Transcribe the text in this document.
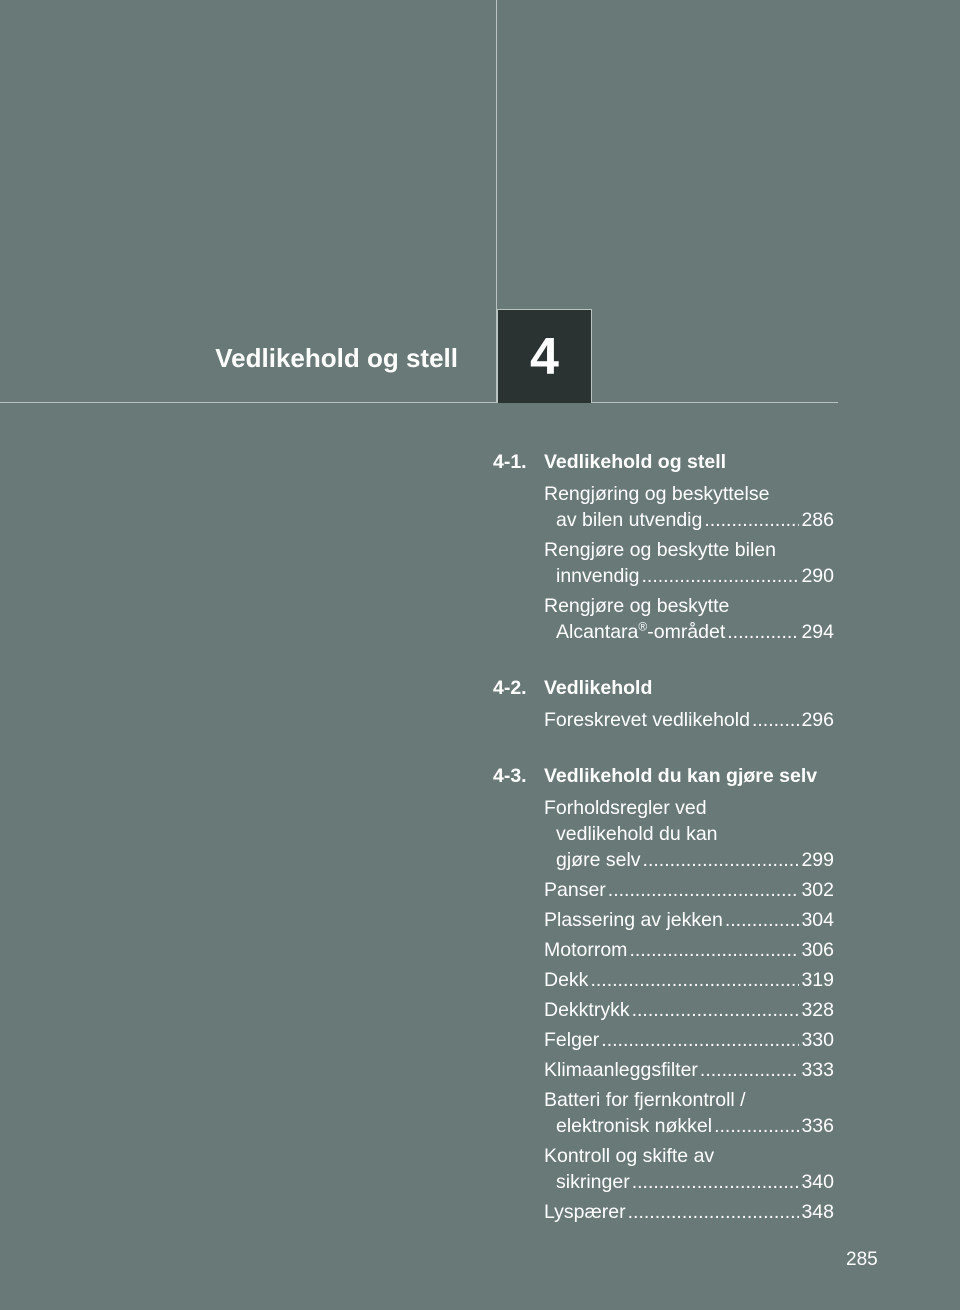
Vedlikehold og stell	4
4-1. Vedlikehold og stell
Rengjøring og beskyttelse
av bilen utvendig .....	286
Rengjøre og beskytte bilen
innvendig .....	290
Rengjøre og beskytte
Alcantara®-området .....	294
4-2. Vedlikehold
Foreskrevet vedlikehold .....	296
4-3. Vedlikehold du kan gjøre selv
Forholdsregler ved
vedlikehold du kan
gjøre selv .....	299
Panser .....	302
Plassering av jekken .....	304
Motorrom .....	306
Dekk .....	319
Dekktrykk .....	328
Felger .....	330
Klimaanleggsfilter .....	333
Batteri for fjernkontroll /
elektronisk nøkkel .....	336
Kontroll og skifte av
sikringer .....	340
Lyspærer .....	348
285
